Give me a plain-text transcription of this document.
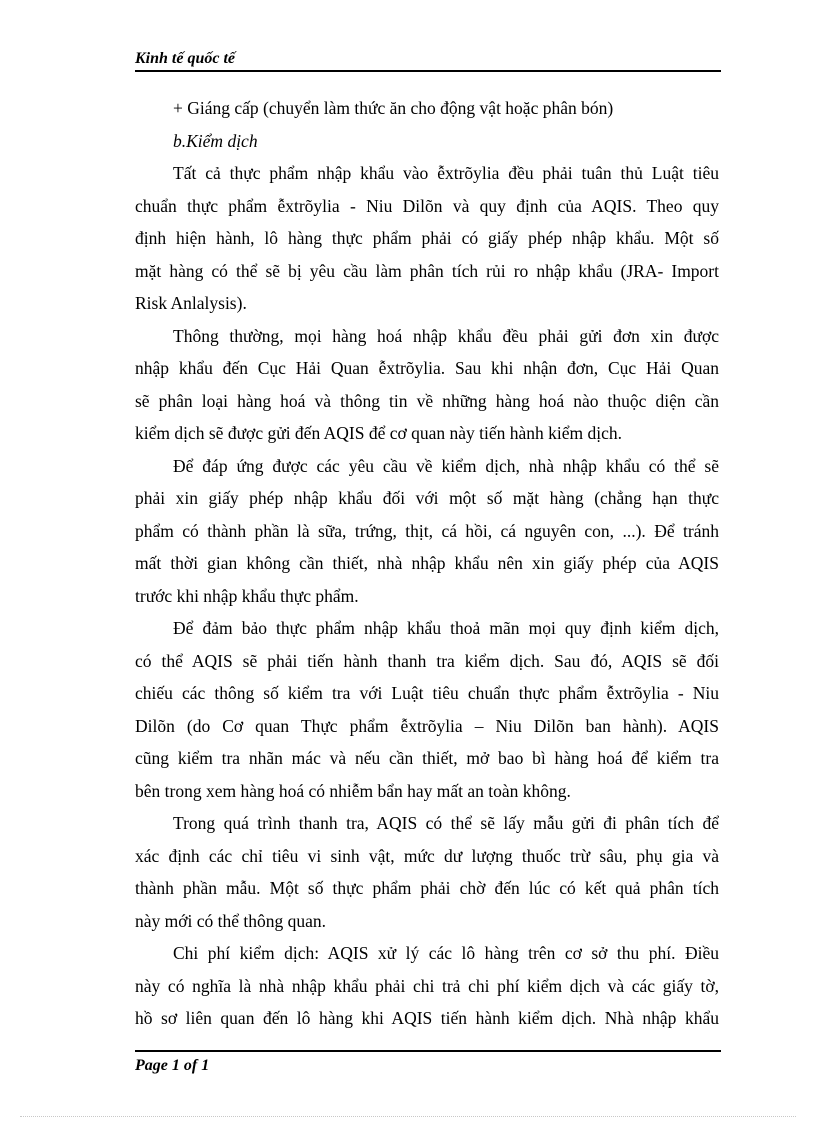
Kinh tế quốc tế
+ Giáng cấp (chuyển làm thức ăn cho động vật hoặc phân bón)
b.Kiểm dịch
Tất cả thực phẩm nhập khẩu vào ễxtrõylia đều phải tuân thủ Luật tiêu
chuẩn thực phẩm ễxtrõylia - Niu Dilõn và quy định của AQIS. Theo quy
định hiện hành, lô hàng thực phẩm phải có giấy phép nhập khẩu. Một số
mặt hàng có thể sẽ bị yêu cầu làm phân tích rủi ro nhập khẩu (JRA- Import
Risk Anlalysis).
Thông thường, mọi hàng hoá nhập khẩu đều phải gửi đơn xin được
nhập khẩu đến Cục Hải Quan ễxtrõylia. Sau khi nhận đơn, Cục Hải Quan
sẽ phân loại hàng hoá và thông tin về những hàng hoá nào thuộc diện cần
kiểm dịch sẽ được gửi đến AQIS để cơ quan này tiến hành kiểm dịch.
Để đáp ứng được các yêu cầu về kiểm dịch, nhà nhập khẩu có thể sẽ
phải xin giấy phép nhập khẩu đối với một số mặt hàng (chẳng hạn thực
phẩm có thành phần là sữa, trứng, thịt, cá hồi, cá nguyên con, ...). Để tránh
mất thời gian không cần thiết, nhà nhập khẩu nên xin giấy phép của AQIS
trước khi nhập khẩu thực phẩm.
Để đảm bảo thực phẩm nhập khẩu thoả mãn mọi quy định kiểm dịch,
có thể AQIS sẽ phải tiến hành thanh tra kiểm dịch. Sau đó, AQIS sẽ đối
chiếu các thông số kiểm tra với Luật tiêu chuẩn thực phẩm ễxtrõylia - Niu
Dilõn (do Cơ quan Thực phẩm ễxtrõylia – Niu Dilõn ban hành). AQIS
cũng kiểm tra nhãn mác và nếu cần thiết, mở bao bì hàng hoá để kiểm tra
bên trong xem hàng hoá có nhiễm bẩn hay mất an toàn không.
Trong quá trình thanh tra, AQIS có thể sẽ lấy mẫu gửi đi phân tích để
xác định các chỉ tiêu vi sinh vật, mức dư lượng thuốc trừ sâu, phụ gia và
thành phần mẫu. Một số thực phẩm phải chờ đến lúc có kết quả phân tích
này mới có thể thông quan.
Chi phí kiểm dịch: AQIS xử lý các lô hàng trên cơ sở thu phí. Điều
này có nghĩa là nhà nhập khẩu phải chi trả chi phí kiểm dịch và các giấy tờ,
hồ sơ liên quan đến lô hàng khi AQIS tiến hành kiểm dịch. Nhà nhập khẩu
Page 1 of 1
